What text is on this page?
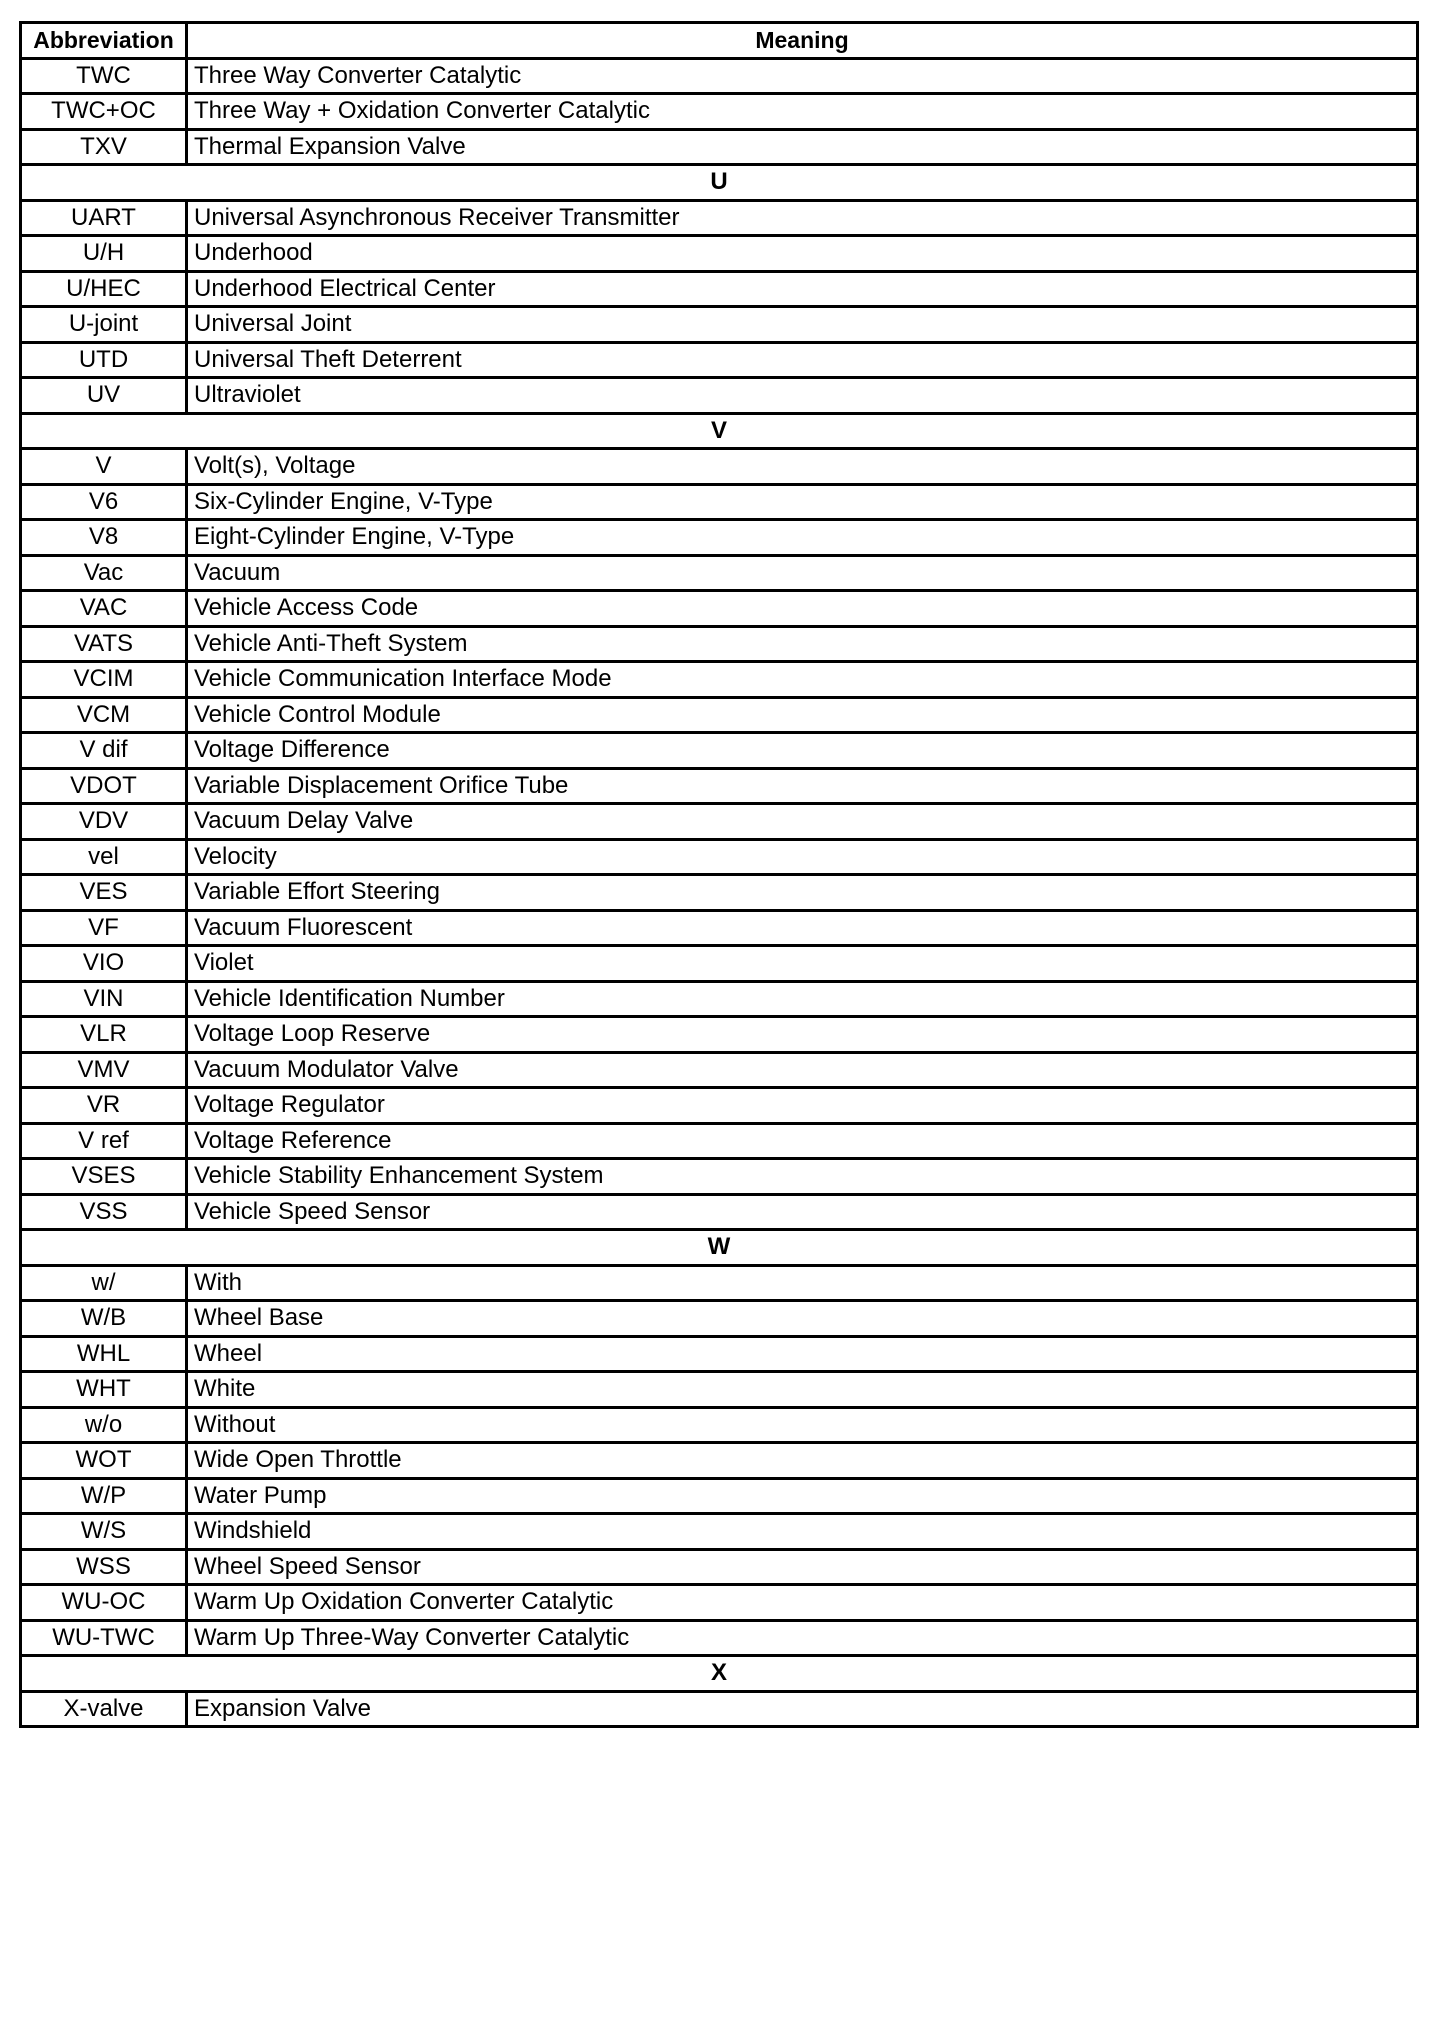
Abbreviation	Meaning
TWC	Three Way Converter Catalytic
TWC+OC	Three Way + Oxidation Converter Catalytic
TXV	Thermal Expansion Valve
U	
UART	Universal Asynchronous Receiver Transmitter
U/H	Underhood
U/HEC	Underhood Electrical Center
U-joint	Universal Joint
UTD	Universal Theft Deterrent
UV	Ultraviolet
V	
V	Volt(s), Voltage
V6	Six-Cylinder Engine, V-Type
V8	Eight-Cylinder Engine, V-Type
Vac	Vacuum
VAC	Vehicle Access Code
VATS	Vehicle Anti-Theft System
VCIM	Vehicle Communication Interface Mode
VCM	Vehicle Control Module
V dif	Voltage Difference
VDOT	Variable Displacement Orifice Tube
VDV	Vacuum Delay Valve
vel	Velocity
VES	Variable Effort Steering
VF	Vacuum Fluorescent
VIO	Violet
VIN	Vehicle Identification Number
VLR	Voltage Loop Reserve
VMV	Vacuum Modulator Valve
VR	Voltage Regulator
V ref	Voltage Reference
VSES	Vehicle Stability Enhancement System
VSS	Vehicle Speed Sensor
W	
w/	With
W/B	Wheel Base
WHL	Wheel
WHT	White
w/o	Without
WOT	Wide Open Throttle
W/P	Water Pump
W/S	Windshield
WSS	Wheel Speed Sensor
WU-OC	Warm Up Oxidation Converter Catalytic
WU-TWC	Warm Up Three-Way Converter Catalytic
X	
X-valve	Expansion Valve
